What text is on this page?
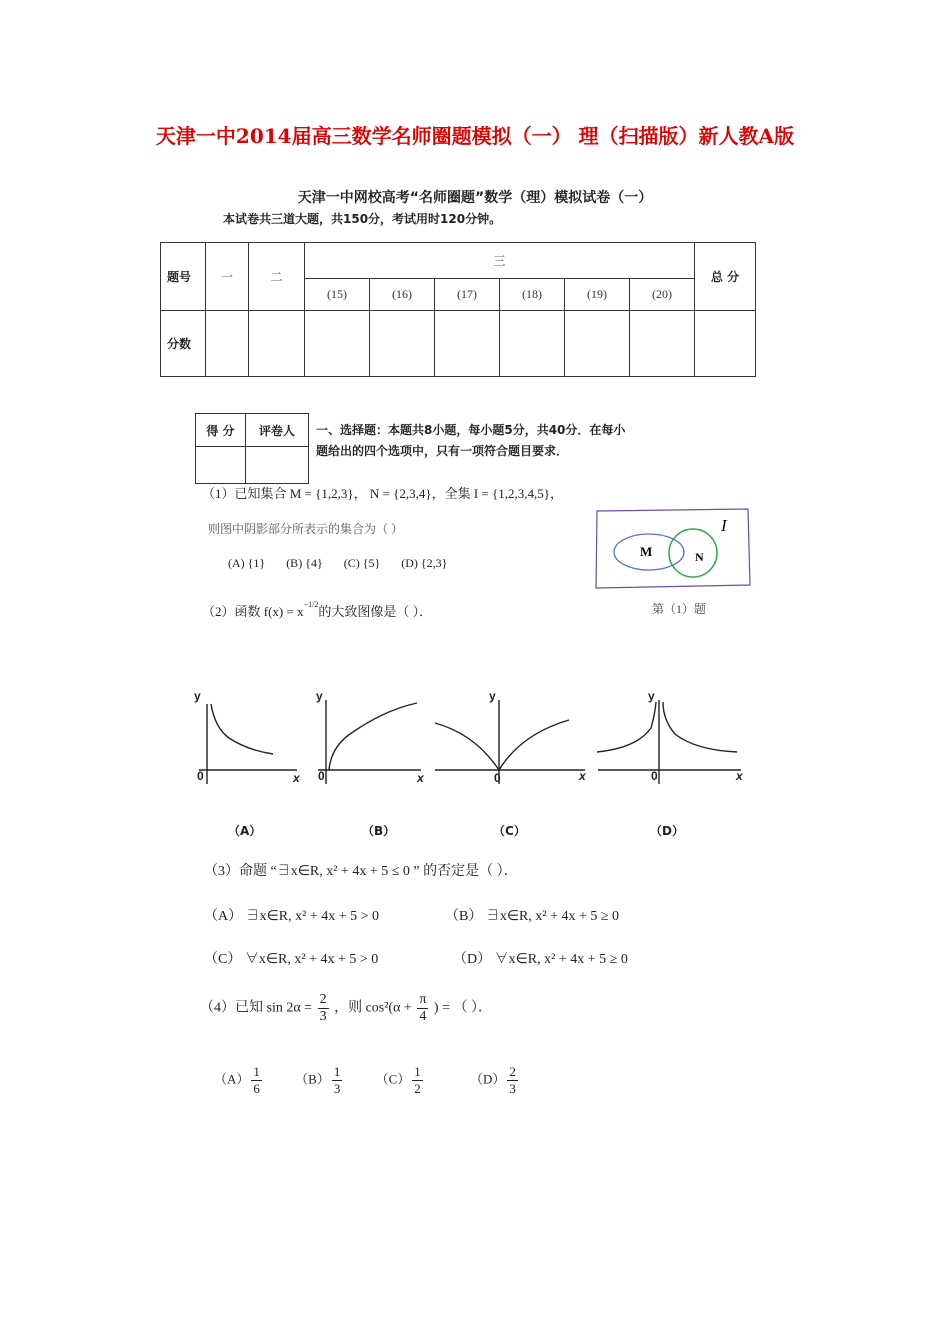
天津一中2014届高三数学名师圈题模拟（一） 理（扫描版）新人教A版
天津一中网校高考“名师圈题”数学（理）模拟试卷（一）
本试卷共三道大题，共150分，考试用时120分钟。
题号	一	二	三						总 分
			(15)	(16)	(17)	(18)	(19)	(20)	
分数									
得 分	评卷人
	一、选择题：本题共8小题，每小题5分，共40分．在每小
题给出的四个选项中，只有一项符合题目要求．
（1）已知集合 M = {1,2,3}， N = {2,3,4}，全集 I = {1,2,3,4,5}，
则图中阴影部分所表示的集合为（ ）
(A) {1} (B) {4} (C) {5} (D) {2,3}
M	N
I
第（1）题
（2）函数 $f(x) = x^{-1/2}$的大致图像是（ ）．
y
0	x
y
0	x
y
0	x
y
0	x
（A）	（B）	（C）	（D）
（3）命题 “∃x∈R, x² + 4x + 5 ≤ 0 ” 的否定是（ ）．
（A） ∃x∈R, x² + 4x + 5 > 0	（B） ∃x∈R, x² + 4x + 5 ≥ 0
（C） ∀x∈R, x² + 4x + 5 > 0	（D） ∀x∈R, x² + 4x + 5 ≥ 0
（4）已知 $\sin 2\alpha = \frac{2}{3}$ ，则 $\cos^2(\alpha + \frac{\pi}{4}$ ) = （ ）．
$(A) \frac{1}{6}$	$(B) \frac{1}{3}$	$(C) \frac{1}{2}$	$(D) \frac{2}{3}$
